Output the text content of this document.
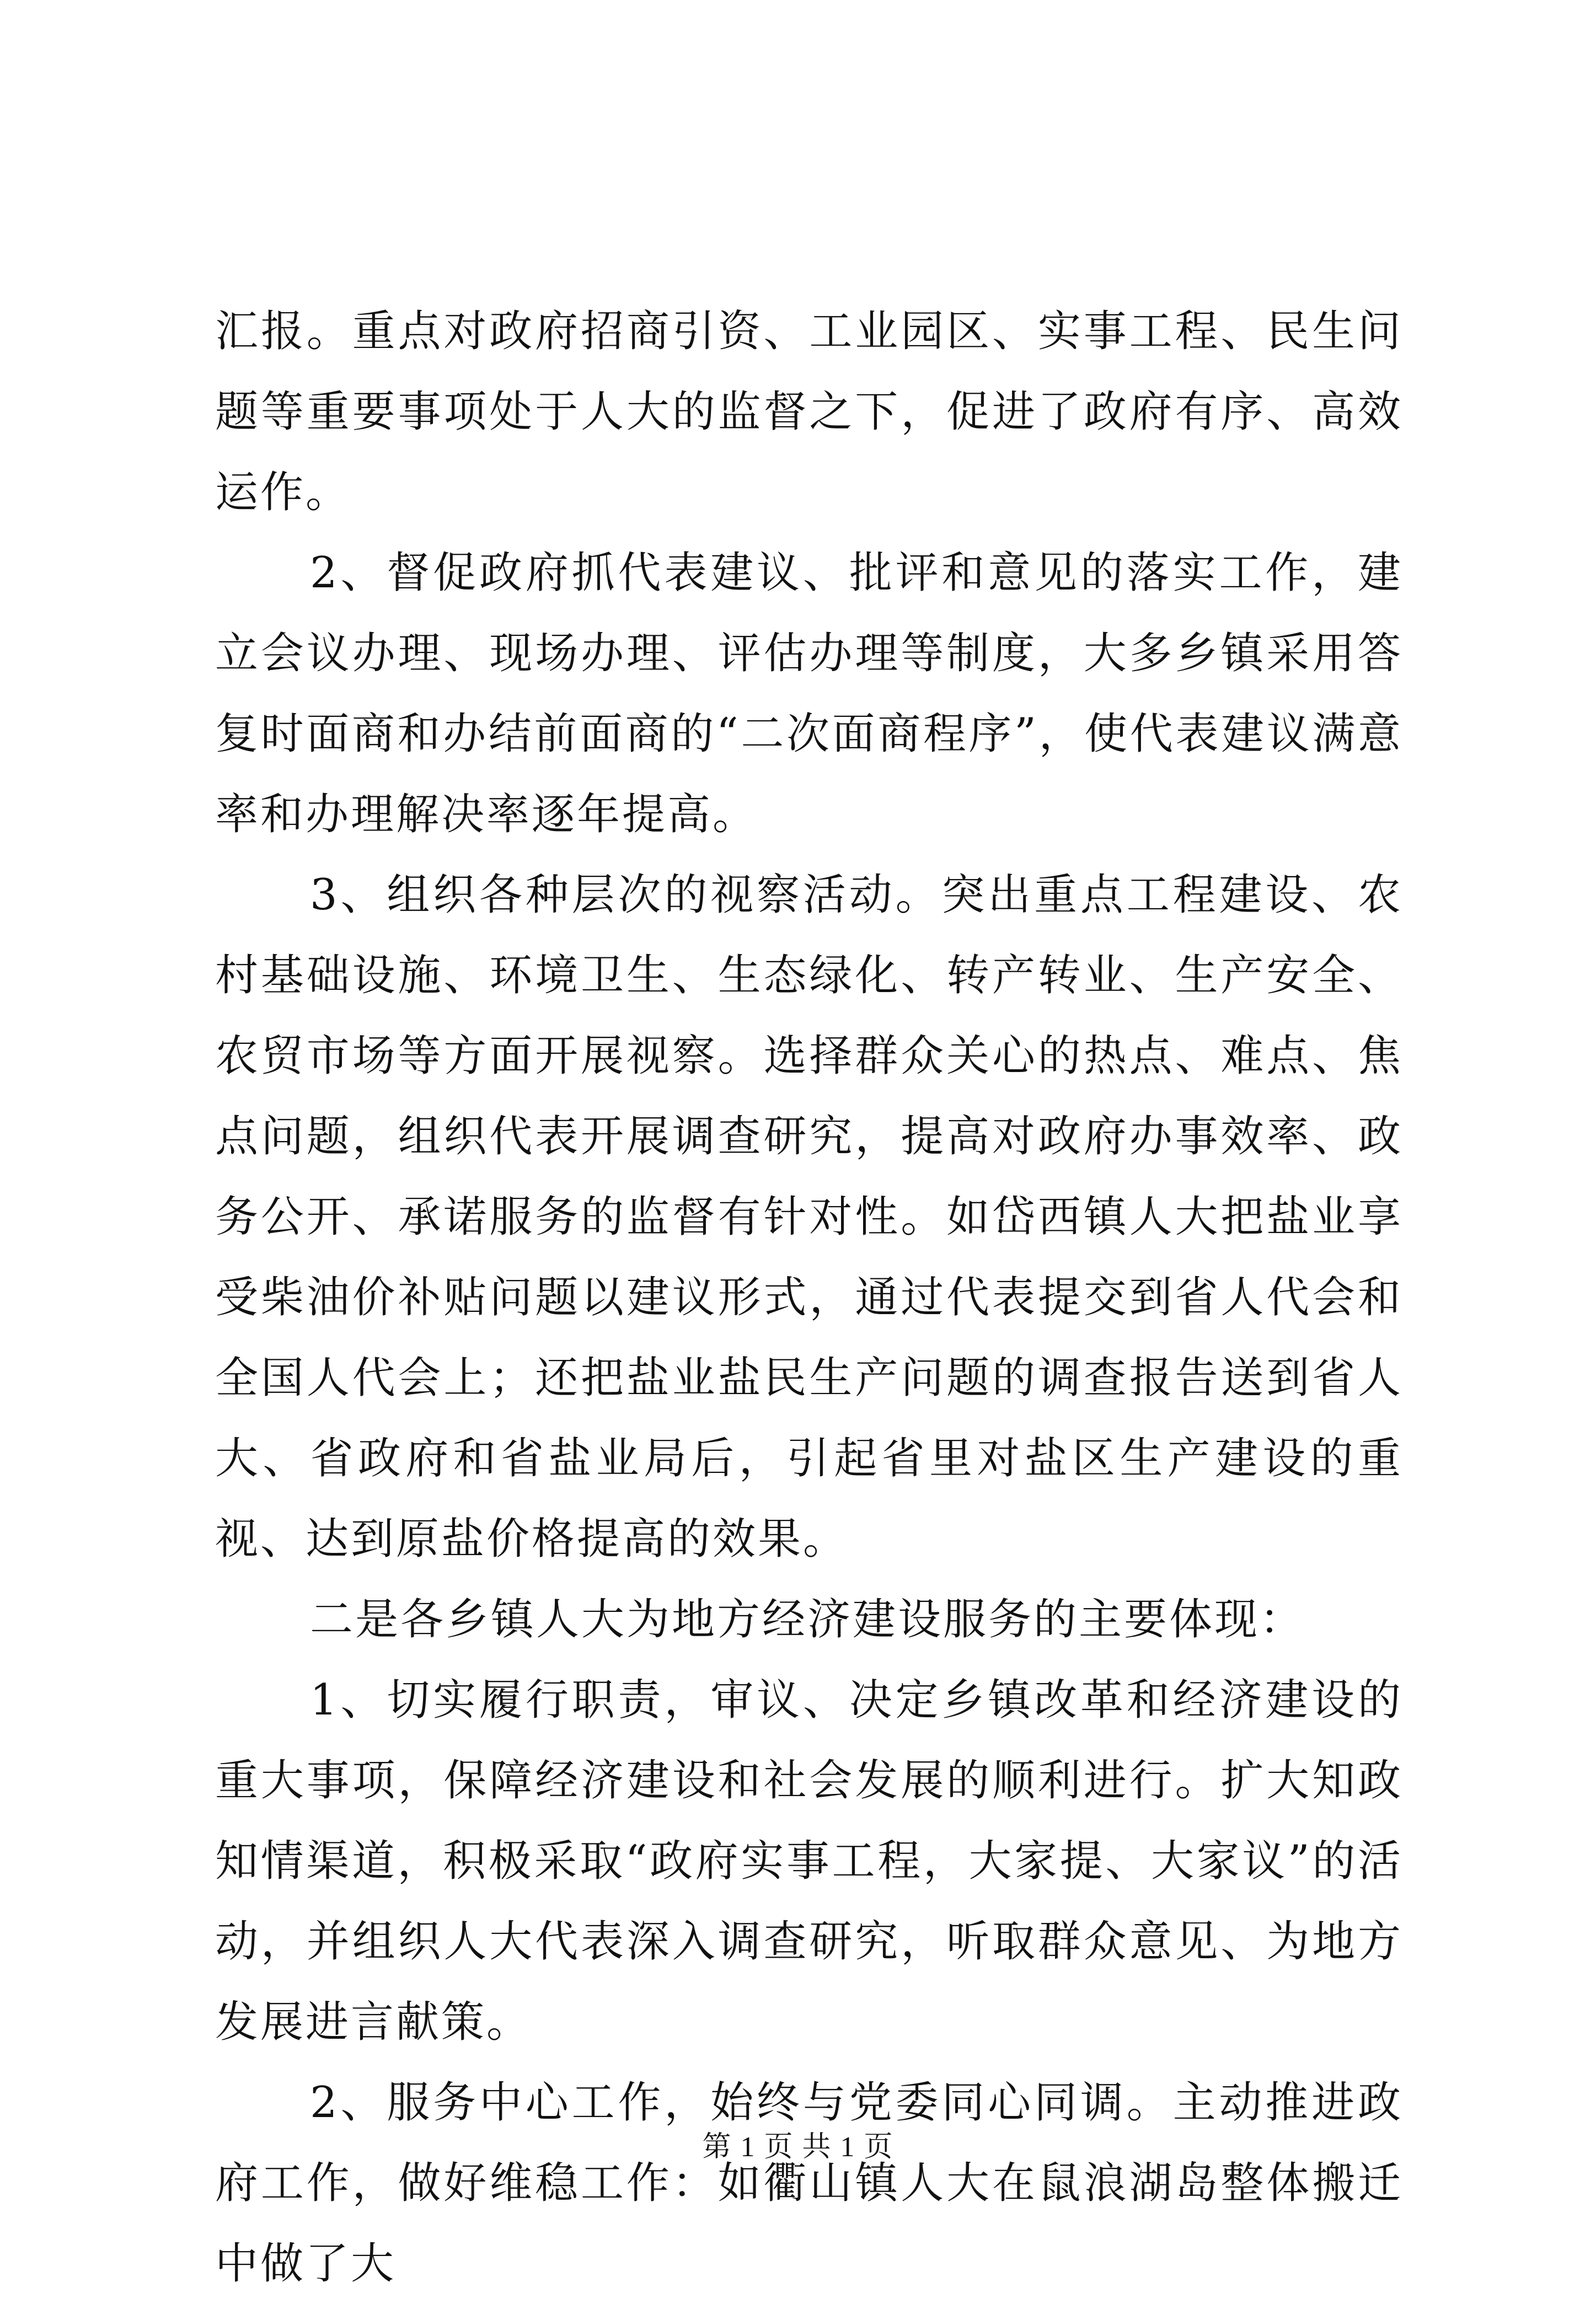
汇报。重点对政府招商引资、工业园区、实事工程、民生问题等重要事项处于人大的监督之下，促进了政府有序、高效运作。

2、督促政府抓代表建议、批评和意见的落实工作，建立会议办理、现场办理、评估办理等制度，大多乡镇采用答复时面商和办结前面商的“二次面商程序”，使代表建议满意率和办理解决率逐年提高。

3、组织各种层次的视察活动。突出重点工程建设、农村基础设施、环境卫生、生态绿化、转产转业、生产安全、农贸市场等方面开展视察。选择群众关心的热点、难点、焦点问题，组织代表开展调查研究，提高对政府办事效率、政务公开、承诺服务的监督有针对性。如岱西镇人大把盐业享受柴油价补贴问题以建议形式，通过代表提交到省人代会和全国人代会上；还把盐业盐民生产问题的调查报告送到省人大、省政府和省盐业局后，引起省里对盐区生产建设的重视、达到原盐价格提高的效果。

二是各乡镇人大为地方经济建设服务的主要体现：

1、切实履行职责，审议、决定乡镇改革和经济建设的重大事项，保障经济建设和社会发展的顺利进行。扩大知政知情渠道，积极采取“政府实事工程，大家提、大家议”的活动，并组织人大代表深入调查研究，听取群众意见、为地方发展进言献策。

2、服务中心工作，始终与党委同心同调。主动推进政府工作，做好维稳工作：如衢山镇人大在鼠浪湖岛整体搬迁中做了大

第 1 页 共 1 页
